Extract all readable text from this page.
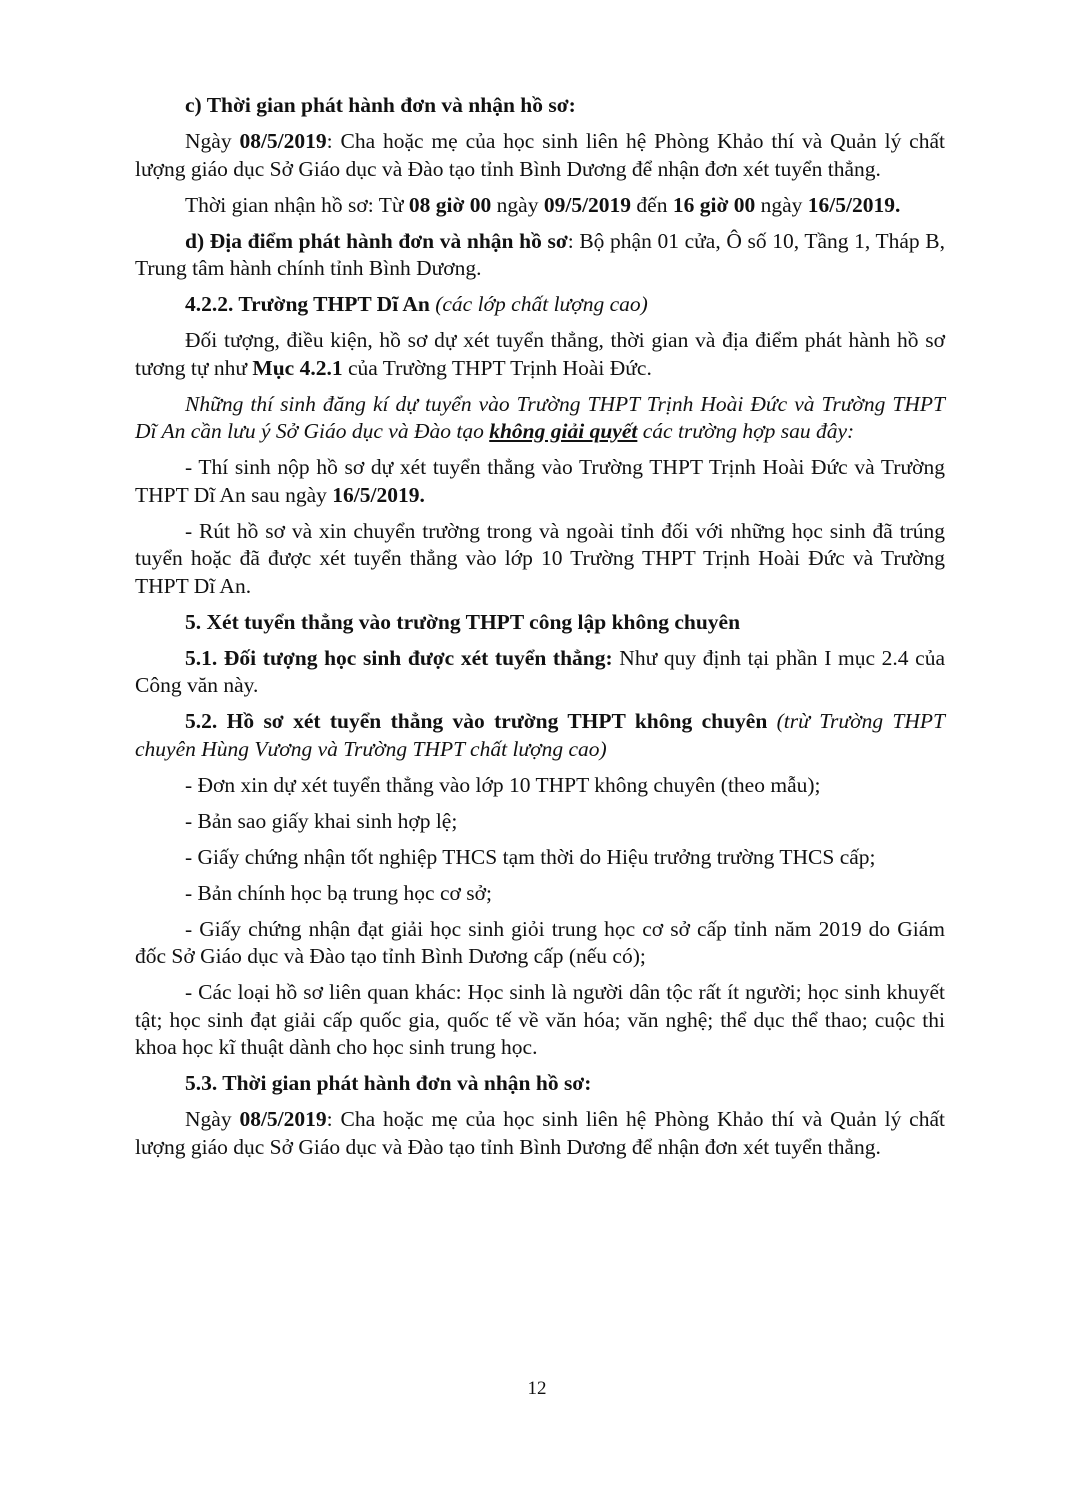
c) Thời gian phát hành đơn và nhận hồ sơ:

Ngày 08/5/2019: Cha hoặc mẹ của học sinh liên hệ Phòng Khảo thí và Quản lý chất lượng giáo dục Sở Giáo dục và Đào tạo tỉnh Bình Dương để nhận đơn xét tuyển thẳng.

Thời gian nhận hồ sơ: Từ 08 giờ 00 ngày 09/5/2019 đến 16 giờ 00 ngày 16/5/2019.

d) Địa điểm phát hành đơn và nhận hồ sơ: Bộ phận 01 cửa, Ô số 10, Tầng 1, Tháp B, Trung tâm hành chính tỉnh Bình Dương.

4.2.2. Trường THPT Dĩ An (các lớp chất lượng cao)

Đối tượng, điều kiện, hồ sơ dự xét tuyển thẳng, thời gian và địa điểm phát hành hồ sơ tương tự như Mục 4.2.1 của Trường THPT Trịnh Hoài Đức.

Những thí sinh đăng kí dự tuyển vào Trường THPT Trịnh Hoài Đức và Trường THPT Dĩ An cần lưu ý Sở Giáo dục và Đào tạo không giải quyết các trường hợp sau đây:

- Thí sinh nộp hồ sơ dự xét tuyển thẳng vào Trường THPT Trịnh Hoài Đức và Trường THPT Dĩ An sau ngày 16/5/2019.

- Rút hồ sơ và xin chuyển trường trong và ngoài tỉnh đối với những học sinh đã trúng tuyển hoặc đã được xét tuyển thẳng vào lớp 10 Trường THPT Trịnh Hoài Đức và Trường THPT Dĩ An.

5. Xét tuyển thẳng vào trường THPT công lập không chuyên

5.1. Đối tượng học sinh được xét tuyển thẳng: Như quy định tại phần I mục 2.4 của Công văn này.

5.2. Hồ sơ xét tuyển thẳng vào trường THPT không chuyên (trừ Trường THPT chuyên Hùng Vương và Trường THPT chất lượng cao)

- Đơn xin dự xét tuyển thẳng vào lớp 10 THPT không chuyên (theo mẫu);

- Bản sao giấy khai sinh hợp lệ;

- Giấy chứng nhận tốt nghiệp THCS tạm thời do Hiệu trưởng trường THCS cấp;

- Bản chính học bạ trung học cơ sở;

- Giấy chứng nhận đạt giải học sinh giỏi trung học cơ sở cấp tỉnh năm 2019 do Giám đốc Sở Giáo dục và Đào tạo tỉnh Bình Dương cấp (nếu có);

- Các loại hồ sơ liên quan khác: Học sinh là người dân tộc rất ít người; học sinh khuyết tật; học sinh đạt giải cấp quốc gia, quốc tế về văn hóa; văn nghệ; thể dục thể thao; cuộc thi khoa học kĩ thuật dành cho học sinh trung học.

5.3. Thời gian phát hành đơn và nhận hồ sơ:

Ngày 08/5/2019: Cha hoặc mẹ của học sinh liên hệ Phòng Khảo thí và Quản lý chất lượng giáo dục Sở Giáo dục và Đào tạo tỉnh Bình Dương để nhận đơn xét tuyển thẳng.

12
